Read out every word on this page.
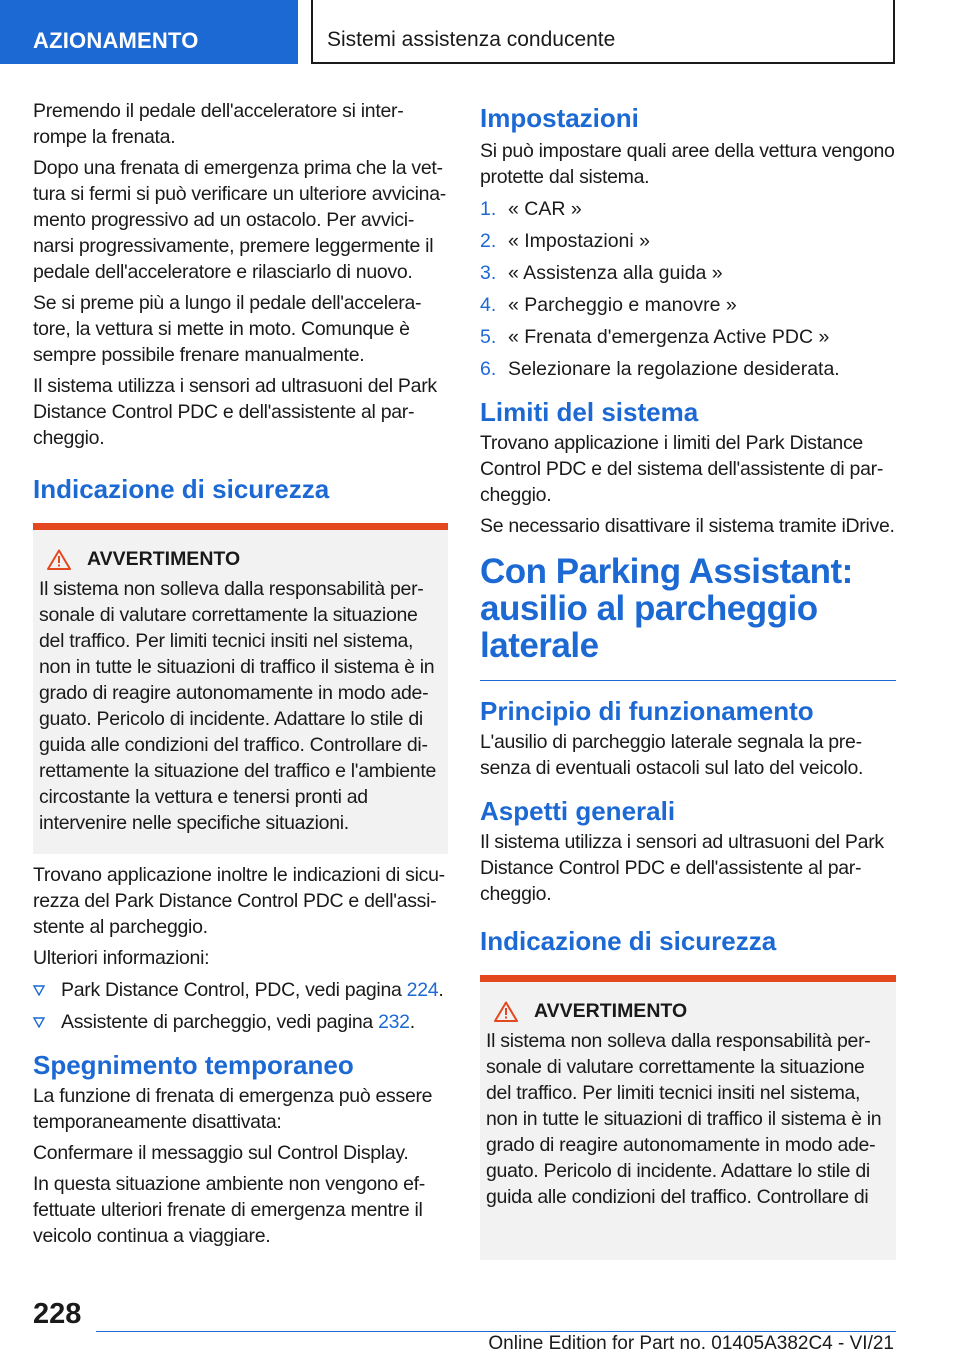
AZIONAMENTO	Sistemi assistenza conducente

Premendo il pedale dell'acceleratore si interrompe la frenata.

Dopo una frenata di emergenza prima che la vettura si fermi si può verificare un ulteriore avvicinamento progressivo ad un ostacolo. Per avvicinarsi progressivamente, premere leggermente il pedale dell'acceleratore e rilasciarlo di nuovo.

Se si preme più a lungo il pedale dell'acceleratore, la vettura si mette in moto. Comunque è sempre possibile frenare manualmente.

Il sistema utilizza i sensori ad ultrasuoni del Park Distance Control PDC e dell'assistente al parcheggio.

Indicazione di sicurezza
AVVERTIMENTO
Il sistema non solleva dalla responsabilità personale di valutare correttamente la situazione del traffico. Per limiti tecnici insiti nel sistema, non in tutte le situazioni di traffico il sistema è in grado di reagire autonomamente in modo adeguato. Pericolo di incidente. Adattare lo stile di guida alle condizioni del traffico. Controllare direttamente la situazione del traffico e l'ambiente circostante la vettura e tenersi pronti ad intervenire nelle specifiche situazioni.

Trovano applicazione inoltre le indicazioni di sicurezza del Park Distance Control PDC e dell'assistente al parcheggio.

Ulteriori informazioni:

Park Distance Control, PDC, vedi pagina 224.
Assistente di parcheggio, vedi pagina 232.
Spegnimento temporaneo

La funzione di frenata di emergenza può essere temporaneamente disattivata:

Confermare il messaggio sul Control Display.

In questa situazione ambiente non vengono effettuate ulteriori frenate di emergenza mentre il veicolo continua a viaggiare.

Impostazioni

Si può impostare quali aree della vettura vengono protette dal sistema.

1. « CAR »
2. « Impostazioni »
3. « Assistenza alla guida »
4. « Parcheggio e manovre »
5. « Frenata d'emergenza Active PDC »
6. Selezionare la regolazione desiderata.
Limiti del sistema

Trovano applicazione i limiti del Park Distance Control PDC e del sistema dell'assistente di parcheggio.

Se necessario disattivare il sistema tramite iDrive.

Con Parking Assistant: ausilio al parcheggio laterale
Principio di funzionamento

L'ausilio di parcheggio laterale segnala la presenza di eventuali ostacoli sul lato del veicolo.

Aspetti generali

Il sistema utilizza i sensori ad ultrasuoni del Park Distance Control PDC e dell'assistente al parcheggio.

Indicazione di sicurezza
AVVERTIMENTO
Il sistema non solleva dalla responsabilità personale di valutare correttamente la situazione del traffico. Per limiti tecnici insiti nel sistema, non in tutte le situazioni di traffico il sistema è in grado di reagire autonomamente in modo adeguato. Pericolo di incidente. Adattare lo stile di guida alle condizioni del traffico. Controllare di
228
Online Edition for Part no. 01405A382C4 - VI/21
